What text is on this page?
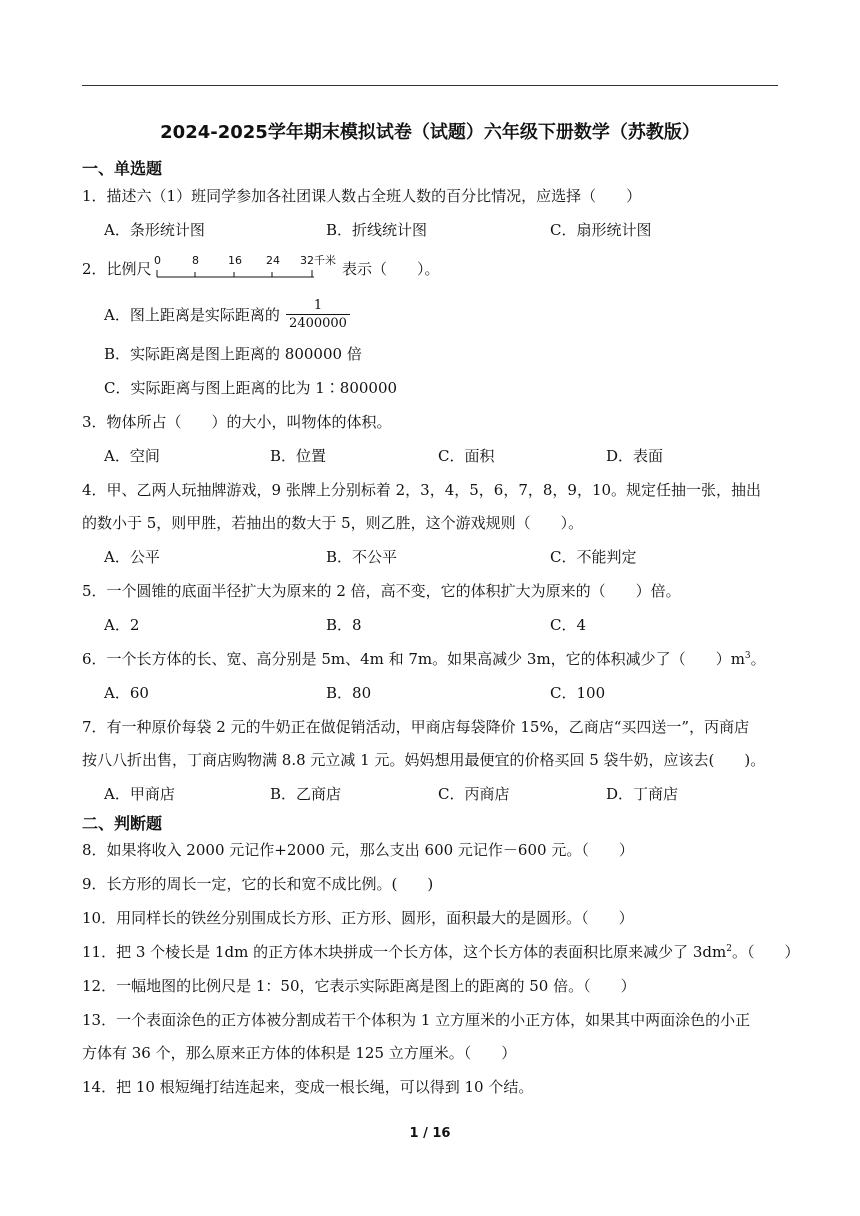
2024-2025学年期末模拟试卷（试题）六年级下册数学（苏教版）
一、单选题
1．描述六（1）班同学参加各社团课人数占全班人数的百分比情况，应选择（　　）
A．条形统计图	B．折线统计图	C．扇形统计图
2．比例尺 0	8	16 24 32千米 表示（　　）。
A．图上距离是实际距离的
1
2400000
B．实际距离是图上距离的 800000 倍
C．实际距离与图上距离的比为 1∶800000
3．物体所占（　　）的大小，叫物体的体积。
A．空间	B．位置	C．面积	D．表面
4．甲、乙两人玩抽牌游戏，9 张牌上分别标着 2，3，4，5，6，7，8，9，10。规定任抽一张，抽出
的数小于 5，则甲胜，若抽出的数大于 5，则乙胜，这个游戏规则（　　）。
A．公平	B．不公平	C．不能判定
5．一个圆锥的底面半径扩大为原来的 2 倍，高不变，它的体积扩大为原来的（　　）倍。
A．2	B．8	C．4
6．一个长方体的长、宽、高分别是 5m、4m 和 7m。如果高减少 3m，它的体积减少了（　　）$m^3$。
A．60	B．80	C．100
7．有一种原价每袋 2 元的牛奶正在做促销活动，甲商店每袋降价 15%，乙商店“买四送一”，丙商店
按八八折出售，丁商店购物满 8.8 元立减 1 元。妈妈想用最便宜的价格买回 5 袋牛奶，应该去(　　)。
A．甲商店	B．乙商店	C．丙商店	D．丁商店
二、判断题
8．如果将收入 2000 元记作+2000 元，那么支出 600 元记作－600 元。（　　）
9．长方形的周长一定，它的长和宽不成比例。(　　)
10．用同样长的铁丝分别围成长方形、正方形、圆形，面积最大的是圆形。（　　）
11．把 3 个棱长是 1dm 的正方体木块拼成一个长方体，这个长方体的表面积比原来减少了 $3dm^2$。（　　）
12．一幅地图的比例尺是 1：50，它表示实际距离是图上的距离的 50 倍。（　　）
13．一个表面涂色的正方体被分割成若干个体积为 1 立方厘米的小正方体，如果其中两面涂色的小正
方体有 36 个，那么原来正方体的体积是 125 立方厘米。（　　）
14．把 10 根短绳打结连起来，变成一根长绳，可以得到 10 个结。
1 / 16
